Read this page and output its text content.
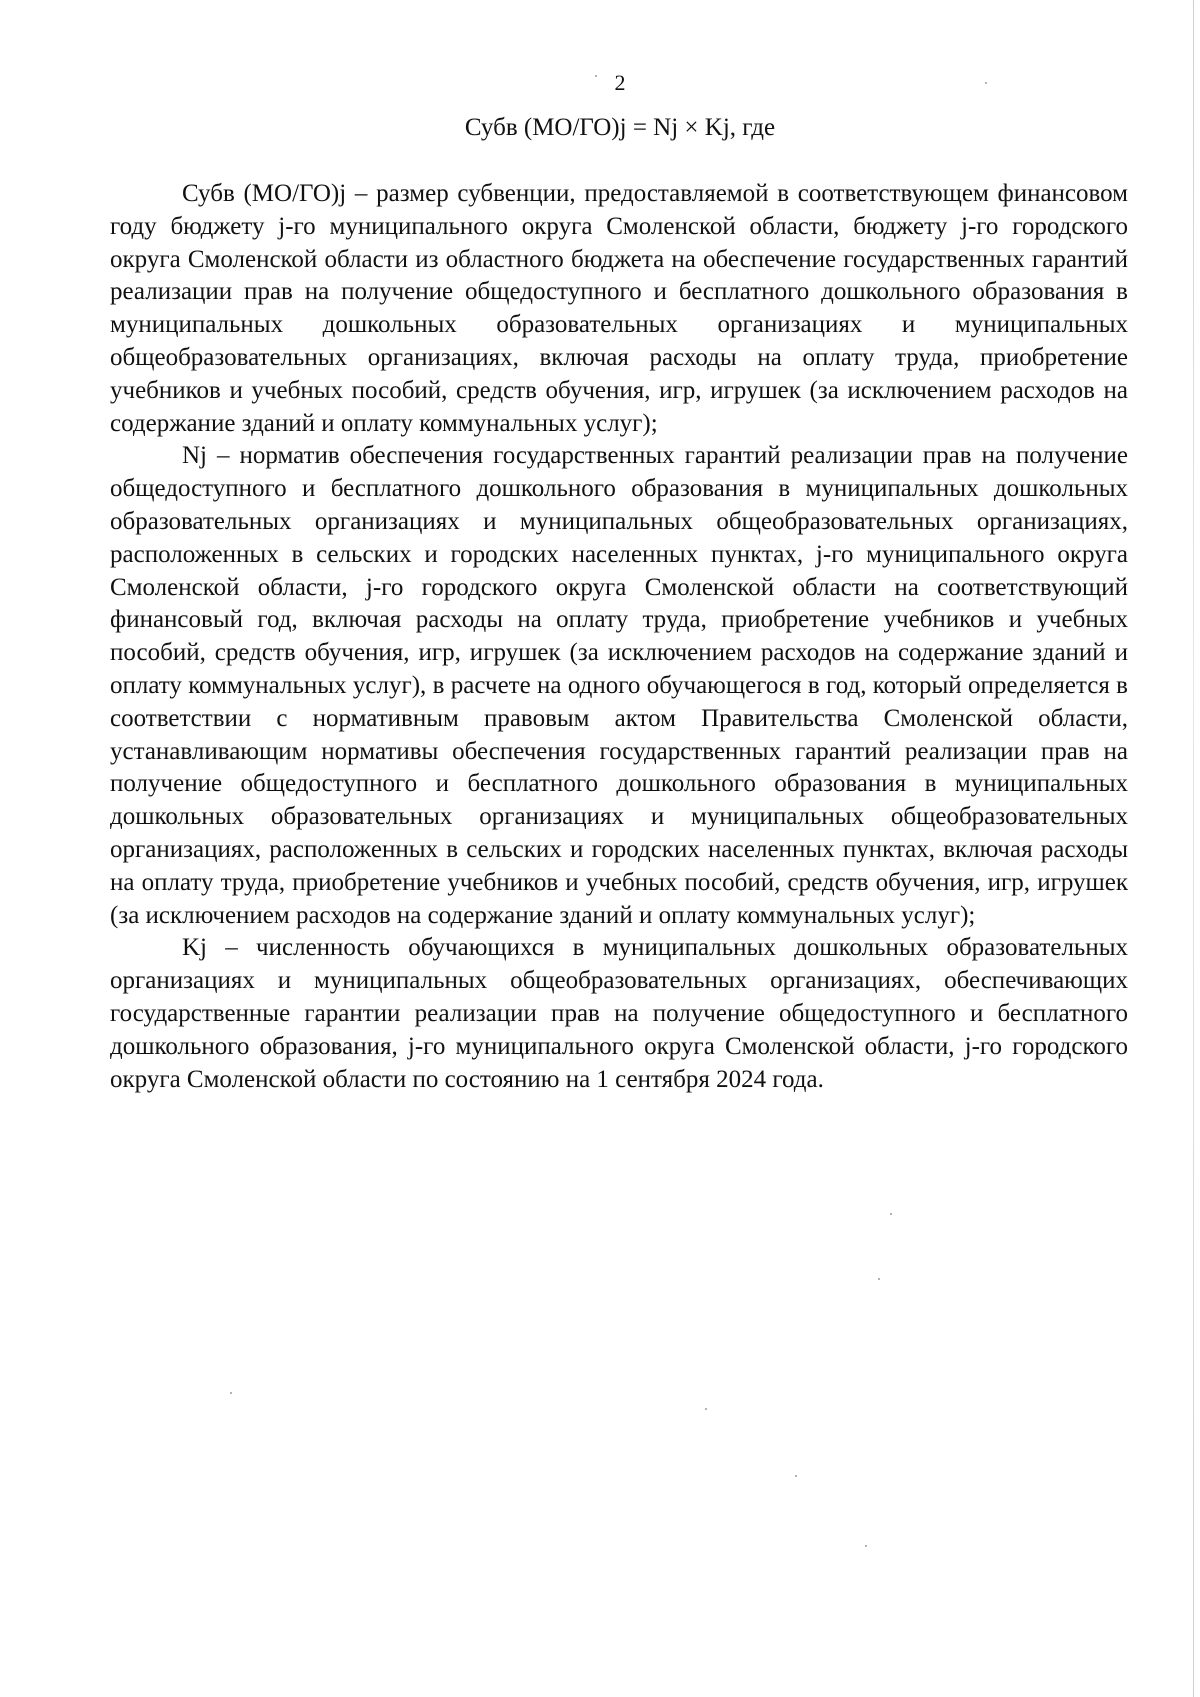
2
Субв (МО/ГО)j = Nj × Kj, где

Субв (МО/ГО)j – размер субвенции, предоставляемой в соответствующем финансовом году бюджету j-го муниципального округа Смоленской области, бюджету j-го городского округа Смоленской области из областного бюджета на обеспечение государственных гарантий реализации прав на получение общедоступного и бесплатного дошкольного образования в муниципальных дошкольных образовательных организациях и муниципальных общеобразовательных организациях, включая расходы на оплату труда, приобретение учебников и учебных пособий, средств обучения, игр, игрушек (за исключением расходов на содержание зданий и оплату коммунальных услуг);

Nj – норматив обеспечения государственных гарантий реализации прав на получение общедоступного и бесплатного дошкольного образования в муниципальных дошкольных образовательных организациях и муниципальных общеобразовательных организациях, расположенных в сельских и городских населенных пунктах, j-го муниципального округа Смоленской области, j-го городского округа Смоленской области на соответствующий финансовый год, включая расходы на оплату труда, приобретение учебников и учебных пособий, средств обучения, игр, игрушек (за исключением расходов на содержание зданий и оплату коммунальных услуг), в расчете на одного обучающегося в год, который определяется в соответствии с нормативным правовым актом Правительства Смоленской области, устанавливающим нормативы обеспечения государственных гарантий реализации прав на получение общедоступного и бесплатного дошкольного образования в муниципальных дошкольных образовательных организациях и муниципальных общеобразовательных организациях, расположенных в сельских и городских населенных пунктах, включая расходы на оплату труда, приобретение учебников и учебных пособий, средств обучения, игр, игрушек (за исключением расходов на содержание зданий и оплату коммунальных услуг);

Kj – численность обучающихся в муниципальных дошкольных образовательных организациях и муниципальных общеобразовательных организациях, обеспечивающих государственные гарантии реализации прав на получение общедоступного и бесплатного дошкольного образования, j-го муниципального округа Смоленской области, j-го городского округа Смоленской области по состоянию на 1 сентября 2024 года.
